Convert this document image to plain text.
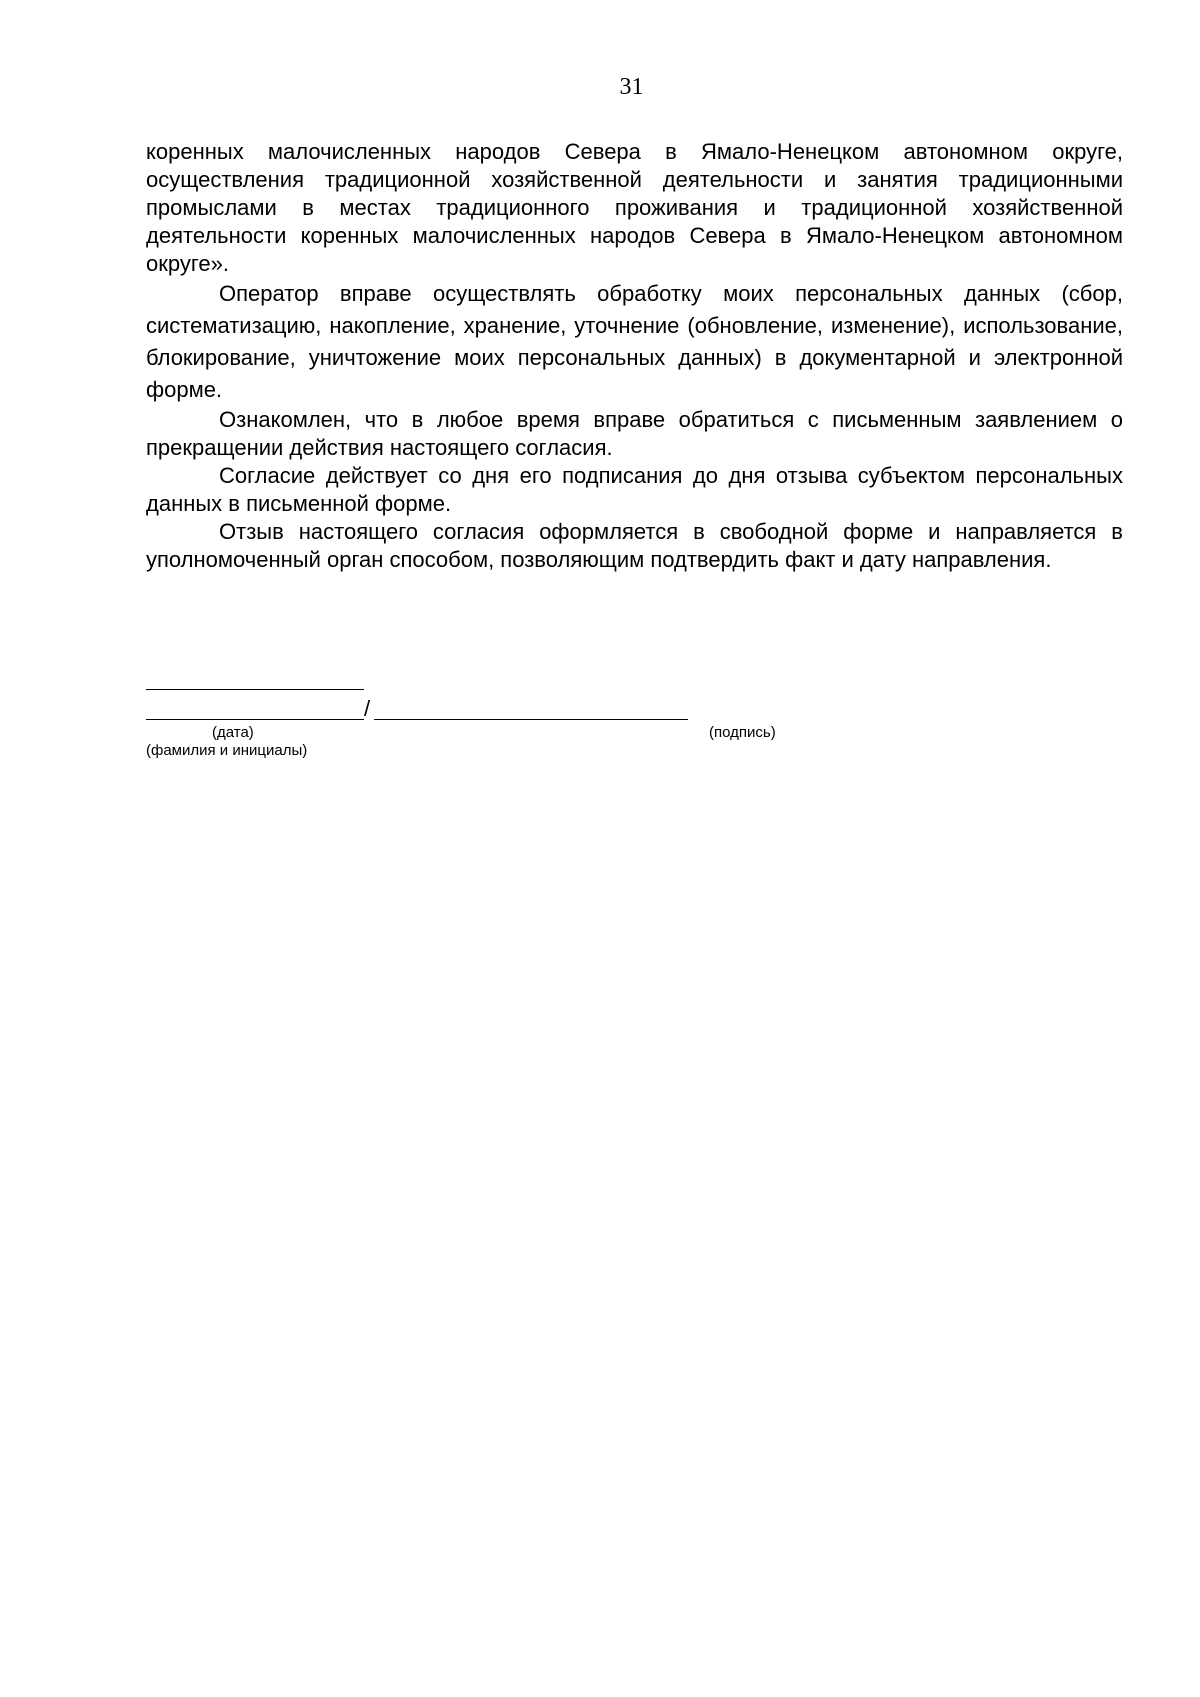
31

коренных малочисленных народов Севера в Ямало-Ненецком автономном округе, осуществления традиционной хозяйственной деятельности и занятия традиционными промыслами в местах традиционного проживания и традиционной хозяйственной деятельности коренных малочисленных народов Севера в Ямало-Ненецком автономном округе».

Оператор вправе осуществлять обработку моих персональных данных (сбор, систематизацию, накопление, хранение, уточнение (обновление, изменение), использование, блокирование, уничтожение моих персональных данных) в документарной и электронной форме.

Ознакомлен, что в любое время вправе обратиться с письменным заявлением о прекращении действия настоящего согласия.

Согласие действует со дня его подписания до дня отзыва субъектом персональных данных в письменной форме.

Отзыв настоящего согласия оформляется в свободной форме и направляется в уполномоченный орган способом, позволяющим подтвердить факт и дату направления.

/
(дата)	(подпись)
(фамилия и инициалы)
